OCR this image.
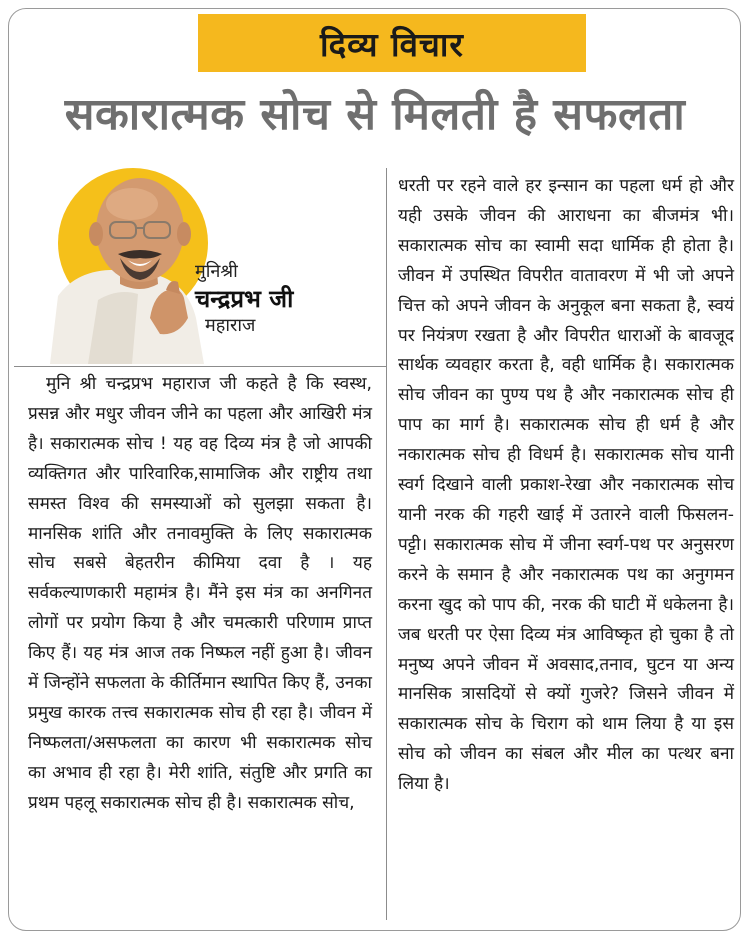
दिव्य विचार
सकारात्मक सोच से मिलती है सफलता
मुनिश्री
चन्द्रप्रभ जी
महाराज
मुनि श्री चन्द्रप्रभ महाराज जी कहते है कि स्वस्थ, प्रसन्न और मधुर जीवन जीने का पहला और आखिरी मंत्र है। सकारात्मक सोच ! यह वह दिव्य मंत्र है जो आपकी व्यक्तिगत और पारिवारिक,सामाजिक और राष्ट्रीय तथा समस्त विश्व की समस्याओं को सुलझा सकता है।मानसिक शांति और तनावमुक्ति के लिए सकारात्मक सोच सबसे बेहतरीन कीमिया दवा है । यह सर्वकल्याणकारी महामंत्र है। मैंने इस मंत्र का अनगिनत लोगों पर प्रयोग किया है और चमत्कारी परिणाम प्राप्त किए हैं। यह मंत्र आज तक निष्फल नहीं हुआ है। जीवन में जिन्होंने सफलता के कीर्तिमान स्थापित किए हैं, उनका प्रमुख कारक तत्त्व सकारात्मक सोच ही रहा है। जीवन में निष्फलता/असफलता का कारण भी सकारात्मक सोच का अभाव ही रहा है। मेरी शांति, संतुष्टि और प्रगति का प्रथम पहलू सकारात्मक सोच ही है। सकारात्मक सोच,
धरती पर रहने वाले हर इन्सान का पहला धर्म हो और यही उसके जीवन की आराधना का बीजमंत्र भी। सकारात्मक सोच का स्वामी सदा धार्मिक ही होता है। जीवन में उपस्थित विपरीत वातावरण में भी जो अपने चित्त को अपने जीवन के अनुकूल बना सकता है, स्वयं पर नियंत्रण रखता है और विपरीत धाराओं के बावजूद सार्थक व्यवहार करता है, वही धार्मिक है। सकारात्मक सोच जीवन का पुण्य पथ है और नकारात्मक सोच ही पाप का मार्ग है। सकारात्मक सोच ही धर्म है और नकारात्मक सोच ही विधर्म है। सकारात्मक सोच यानी स्वर्ग दिखाने वाली प्रकाश-रेखा और नकारात्मक सोच यानी नरक की गहरी खाई में उतारने वाली फिसलन-पट्टी। सकारात्मक सोच में जीना स्वर्ग-पथ पर अनुसरण करने के समान है और नकारात्मक पथ का अनुगमन करना खुद को पाप की, नरक की घाटी में धकेलना है। जब धरती पर ऐसा दिव्य मंत्र आविष्कृत हो चुका है तो मनुष्य अपने जीवन में अवसाद,तनाव, घुटन या अन्य मानसिक त्रासदियों से क्यों गुजरे? जिसने जीवन में सकारात्मक सोच के चिराग को थाम लिया है या इस सोच को जीवन का संबल और मील का पत्थर बना लिया है।
